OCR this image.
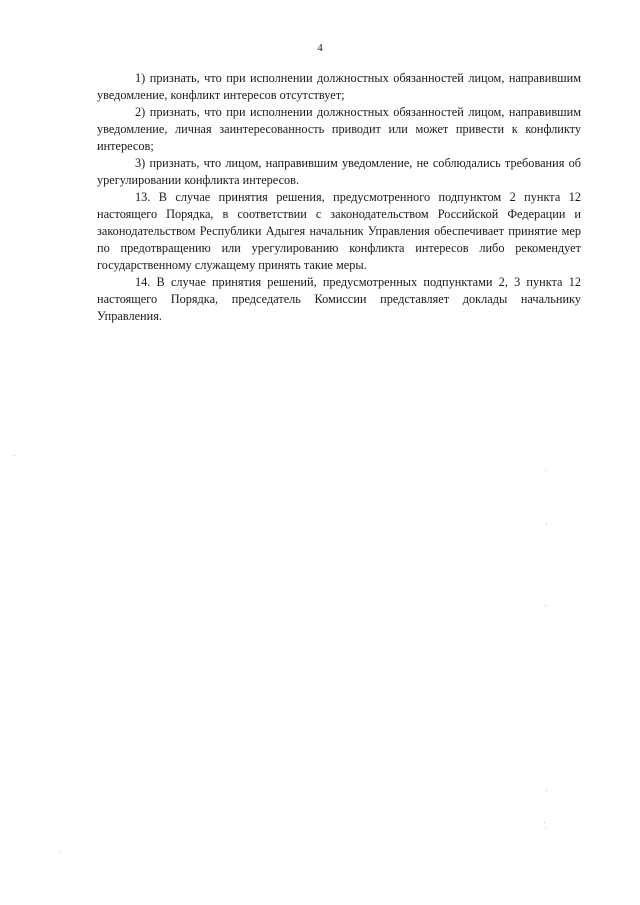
4

1) признать, что при исполнении должностных обязанностей лицом, направившим уведомление, конфликт интересов отсутствует;

2) признать, что при исполнении должностных обязанностей лицом, направившим уведомление, личная заинтересованность приводит или может привести к конфликту интересов;

3) признать, что лицом, направившим уведомление, не соблюдались требования об урегулировании конфликта интересов.

13. В случае принятия решения, предусмотренного подпунктом 2 пункта 12 настоящего Порядка, в соответствии с законодательством Российской Федерации и законодательством Республики Адыгея начальник Управления обеспечивает принятие мер по предотвращению или урегулированию конфликта интересов либо рекомендует государственному служащему принять такие меры.

14. В случае принятия решений, предусмотренных подпунктами 2, 3 пункта 12 настоящего Порядка, председатель Комиссии представляет доклады начальнику Управления.
